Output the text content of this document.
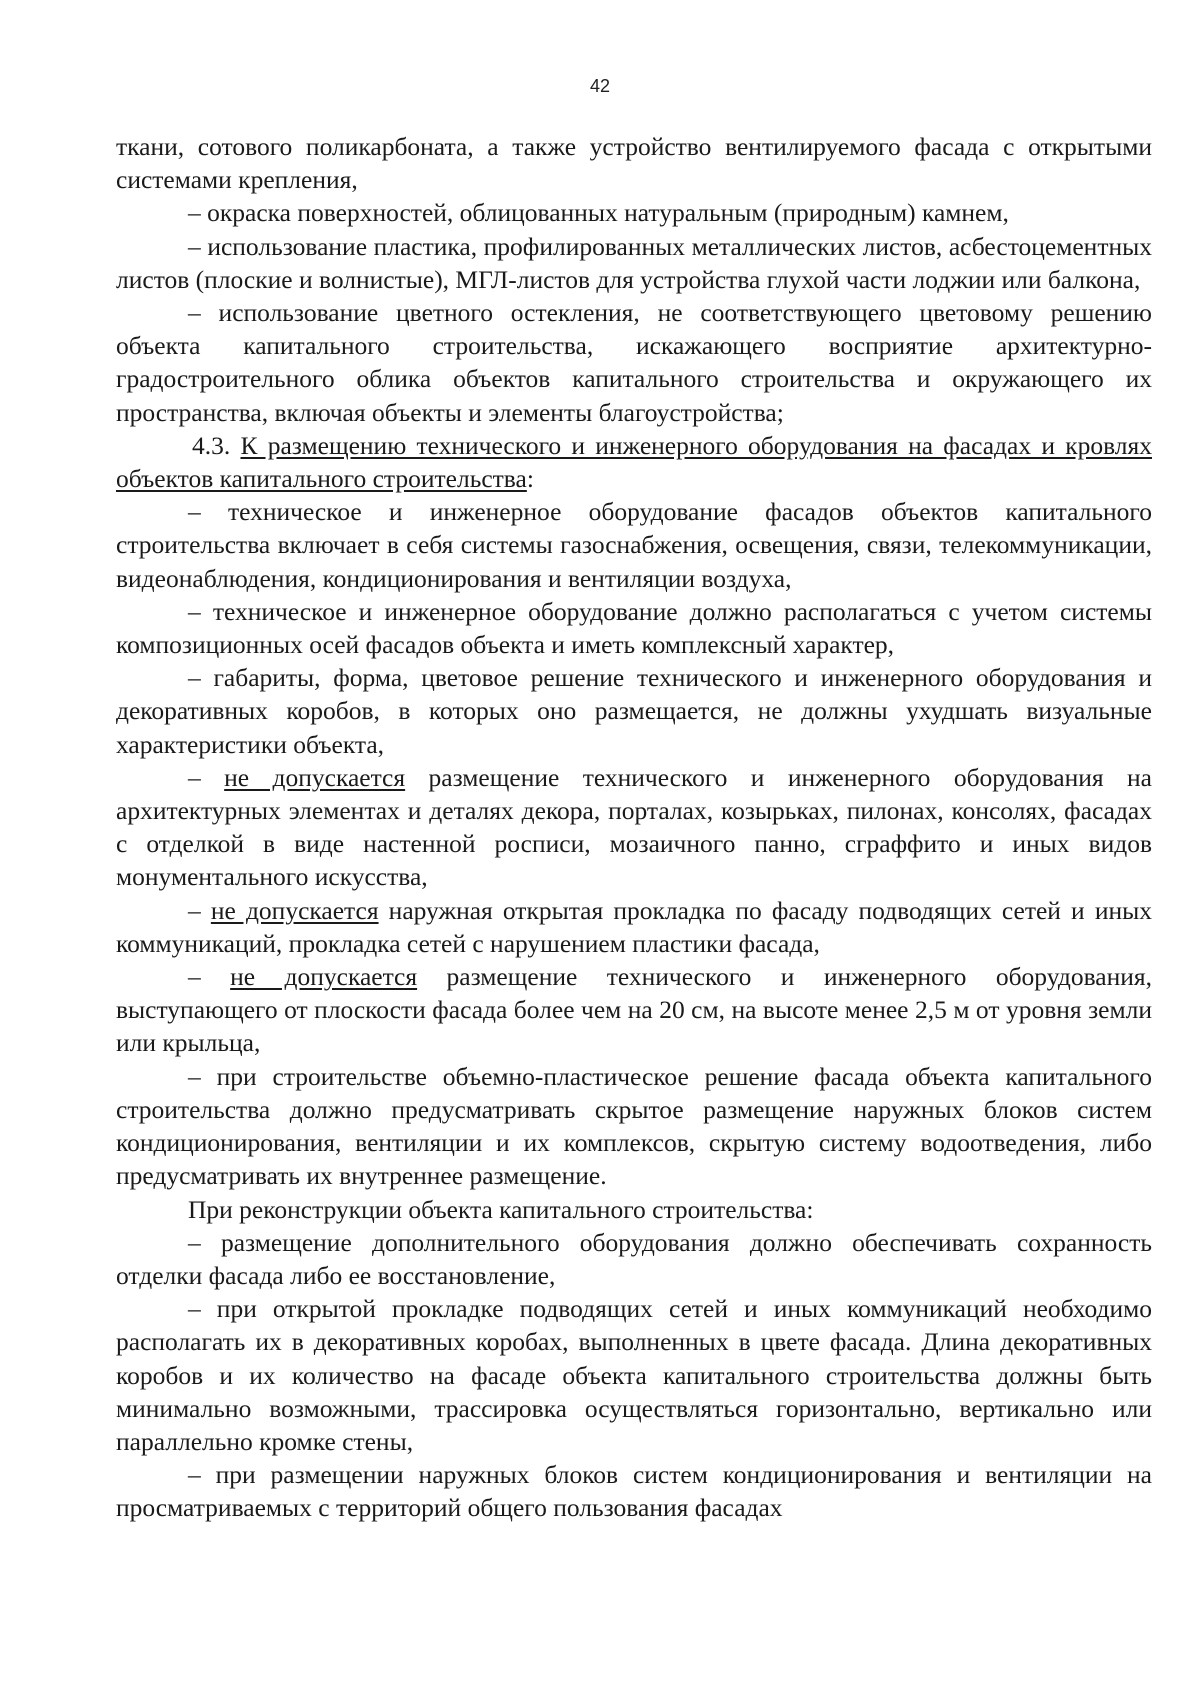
42

ткани, сотового поликарбоната, а также устройство вентилируемого фасада с открытыми системами крепления,

– окраска поверхностей, облицованных натуральным (природным) камнем,

– использование пластика, профилированных металлических листов, асбестоцементных листов (плоские и волнистые), МГЛ-листов для устройства глухой части лоджии или балкона,

– использование цветного остекления, не соответствующего цветовому решению объекта капитального строительства, искажающего восприятие архитектурно-градостроительного облика объектов капитального строительства и окружающего их пространства, включая объекты и элементы благоустройства;

4.3. К размещению технического и инженерного оборудования на фасадах и кровлях объектов капитального строительства:

– техническое и инженерное оборудование фасадов объектов капитального строительства включает в себя системы газоснабжения, освещения, связи, телекоммуникации, видеонаблюдения, кондиционирования и вентиляции воздуха,

– техническое и инженерное оборудование должно располагаться с учетом системы композиционных осей фасадов объекта и иметь комплексный характер,

– габариты, форма, цветовое решение технического и инженерного оборудования и декоративных коробов, в которых оно размещается, не должны ухудшать визуальные характеристики объекта,

– не допускается размещение технического и инженерного оборудования на архитектурных элементах и деталях декора, порталах, козырьках, пилонах, консолях, фасадах с отделкой в виде настенной росписи, мозаичного панно, сграффито и иных видов монументального искусства,

– не допускается наружная открытая прокладка по фасаду подводящих сетей и иных коммуникаций, прокладка сетей с нарушением пластики фасада,

– не допускается размещение технического и инженерного оборудования, выступающего от плоскости фасада более чем на 20 см, на высоте менее 2,5 м от уровня земли или крыльца,

– при строительстве объемно-пластическое решение фасада объекта капитального строительства должно предусматривать скрытое размещение наружных блоков систем кондиционирования, вентиляции и их комплексов, скрытую систему водоотведения, либо предусматривать их внутреннее размещение.

При реконструкции объекта капитального строительства:

– размещение дополнительного оборудования должно обеспечивать сохранность отделки фасада либо ее восстановление,

– при открытой прокладке подводящих сетей и иных коммуникаций необходимо располагать их в декоративных коробах, выполненных в цвете фасада. Длина декоративных коробов и их количество на фасаде объекта капитального строительства должны быть минимально возможными, трассировка осуществляться горизонтально, вертикально или параллельно кромке стены,

– при размещении наружных блоков систем кондиционирования и вентиляции на просматриваемых с территорий общего пользования фасадах
